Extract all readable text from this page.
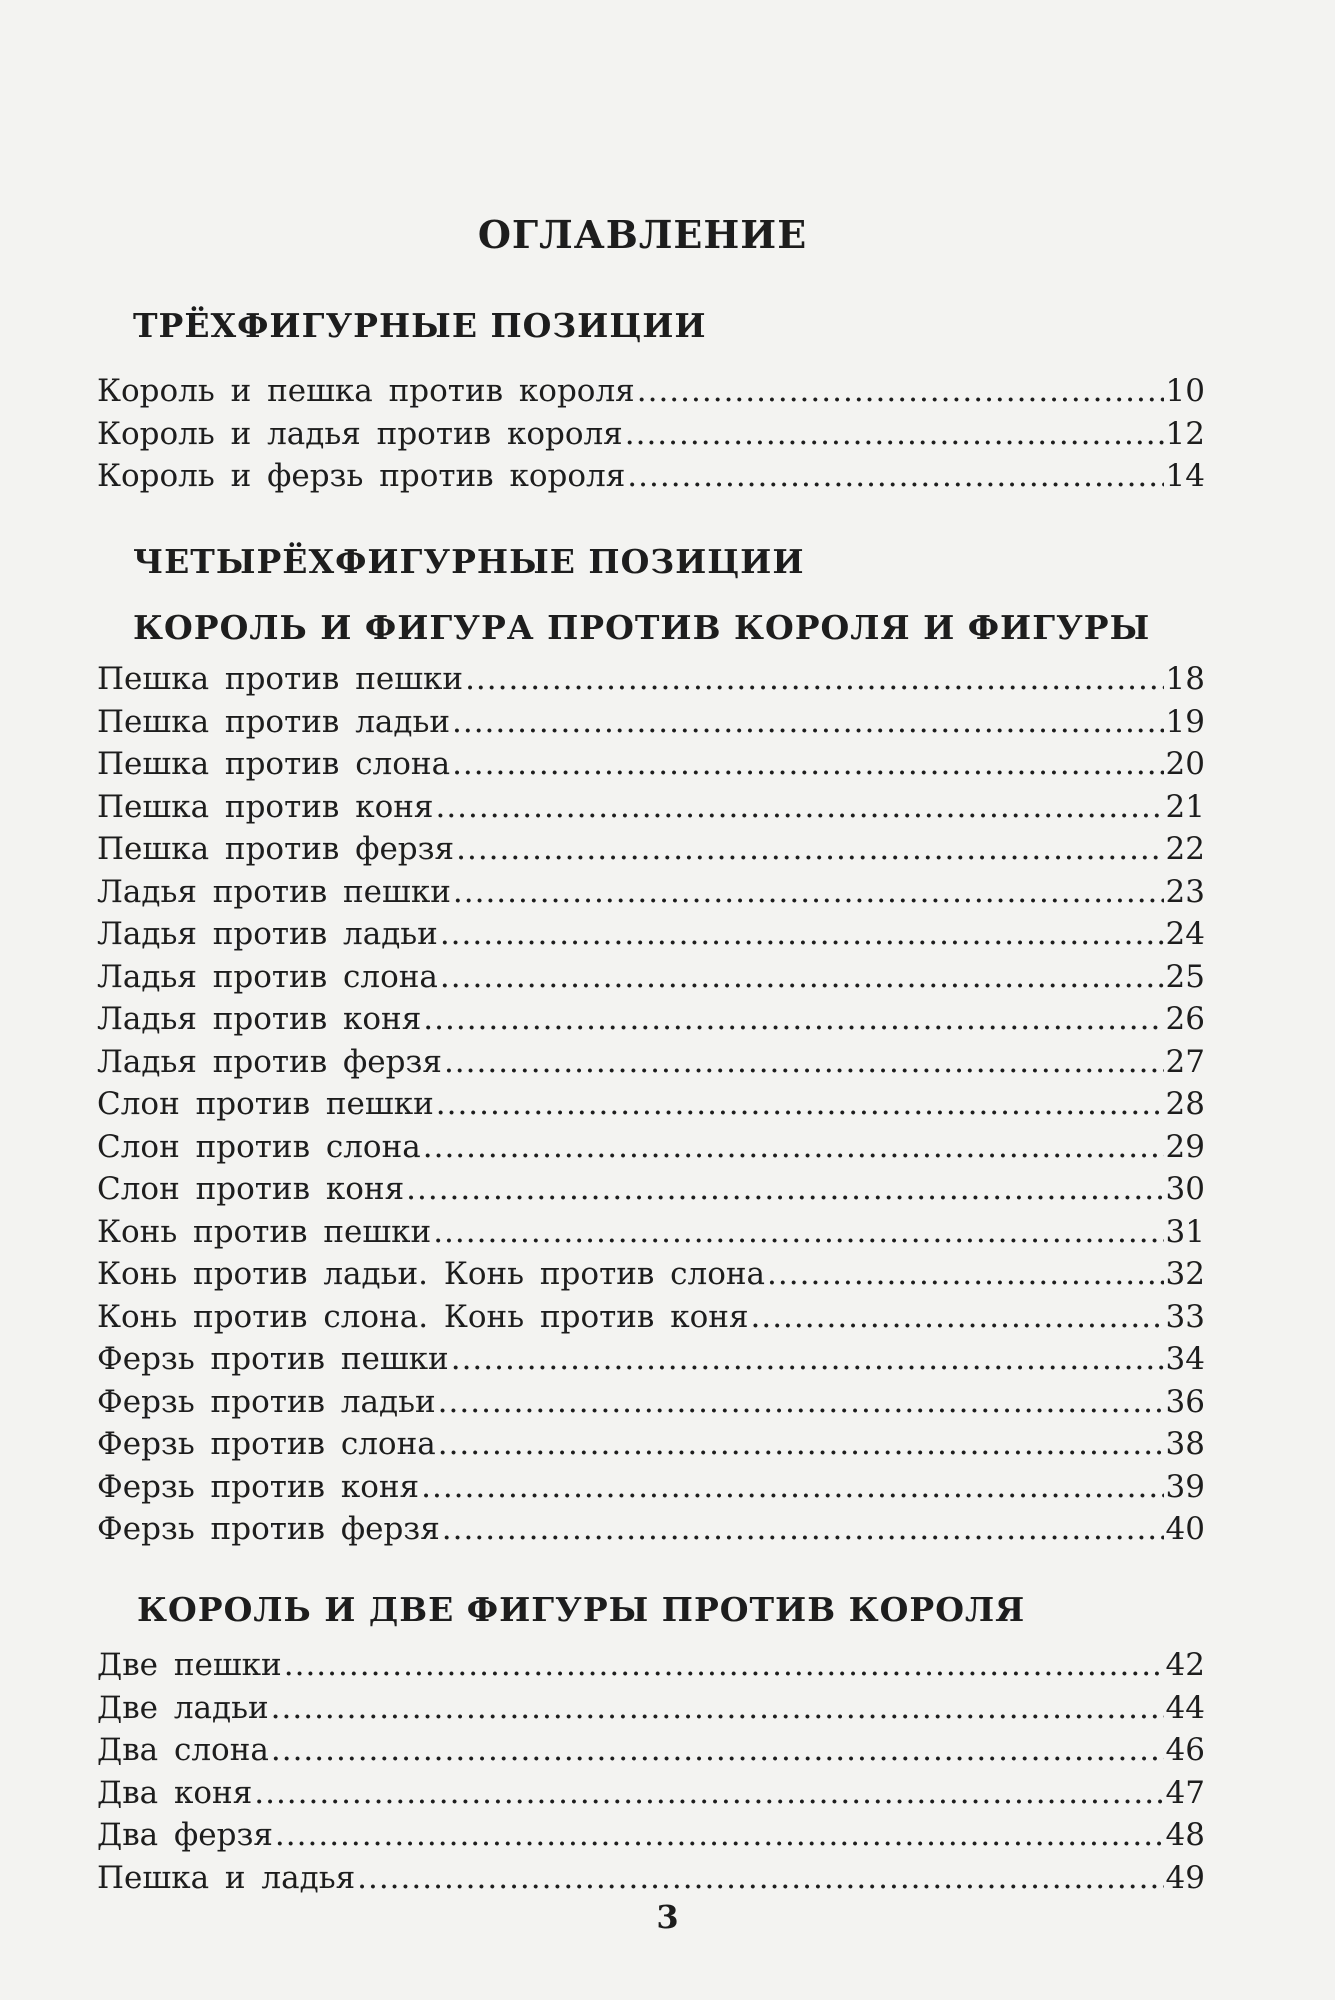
ОГЛАВЛЕНИЕ
ТРЁХФИГУРНЫЕ ПОЗИЦИИ
Король и пешка против короля .....	10
Король и ладья против короля .....	12
Король и ферзь против короля .....	14
ЧЕТЫРЁХФИГУРНЫЕ ПОЗИЦИИ
КОРОЛЬ И ФИГУРА ПРОТИВ КОРОЛЯ И ФИГУРЫ
Пешка против пешки .....	18
Пешка против ладьи .....	19
Пешка против слона .....	20
Пешка против коня .....	21
Пешка против ферзя .....	22
Ладья против пешки .....	23
Ладья против ладьи .....	24
Ладья против слона .....	25
Ладья против коня .....	26
Ладья против ферзя .....	27
Слон против пешки .....	28
Слон против слона .....	29
Слон против коня .....	30
Конь против пешки .....	31
Конь против ладьи. Конь против слона .....	32
Конь против слона. Конь против коня .....	33
Ферзь против пешки .....	34
Ферзь против ладьи .....	36
Ферзь против слона .....	38
Ферзь против коня .....	39
Ферзь против ферзя .....	40
КОРОЛЬ И ДВЕ ФИГУРЫ ПРОТИВ КОРОЛЯ
Две пешки .....	42
Две ладьи .....	44
Два слона .....	46
Два коня .....	47
Два ферзя .....	48
Пешка и ладья .....	49
3
